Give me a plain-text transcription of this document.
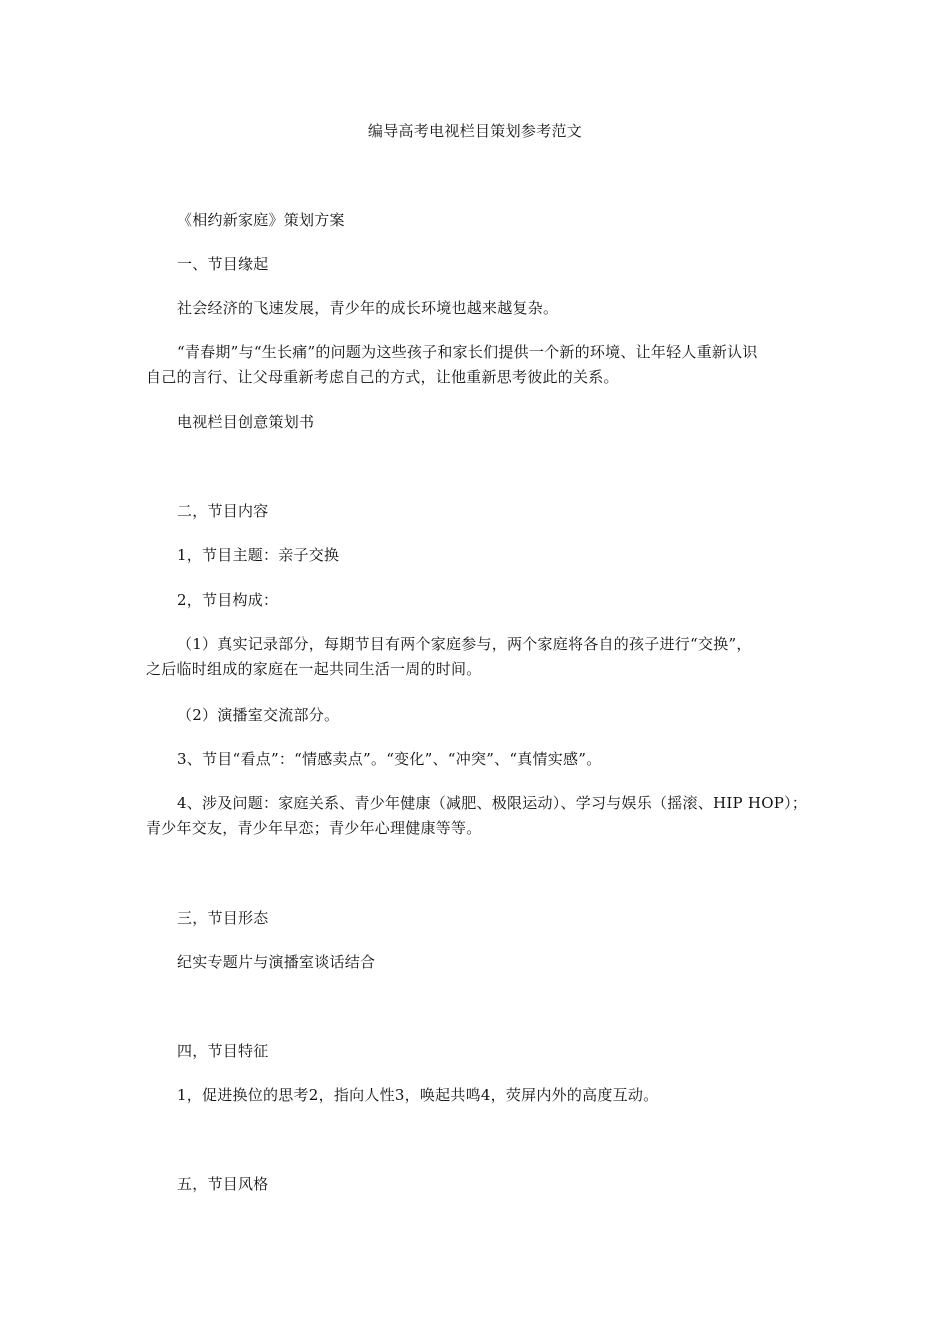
编导高考电视栏目策划参考范文
《相约新家庭》策划方案
一、节目缘起
社会经济的飞速发展，青少年的成长环境也越来越复杂。
“青春期”与“生长痛”的问题为这些孩子和家长们提供一个新的环境、让年轻人重新认识
自己的言行、让父母重新考虑自己的方式，让他重新思考彼此的关系。
电视栏目创意策划书
二，节目内容
1，节目主题：亲子交换
2，节目构成：
（1）真实记录部分，每期节目有两个家庭参与，两个家庭将各自的孩子进行“交换”，
之后临时组成的家庭在一起共同生活一周的时间。
（2）演播室交流部分。
3、节目“看点”：“情感卖点”。“变化”、“冲突”、“真情实感”。
4、涉及问题：家庭关系、青少年健康（减肥、极限运动）、学习与娱乐（摇滚、HIP HOP）；
青少年交友，青少年早恋；青少年心理健康等等。
三，节目形态
纪实专题片与演播室谈话结合
四，节目特征
1，促进换位的思考2，指向人性3，唤起共鸣4，荧屏内外的高度互动。
五，节目风格
